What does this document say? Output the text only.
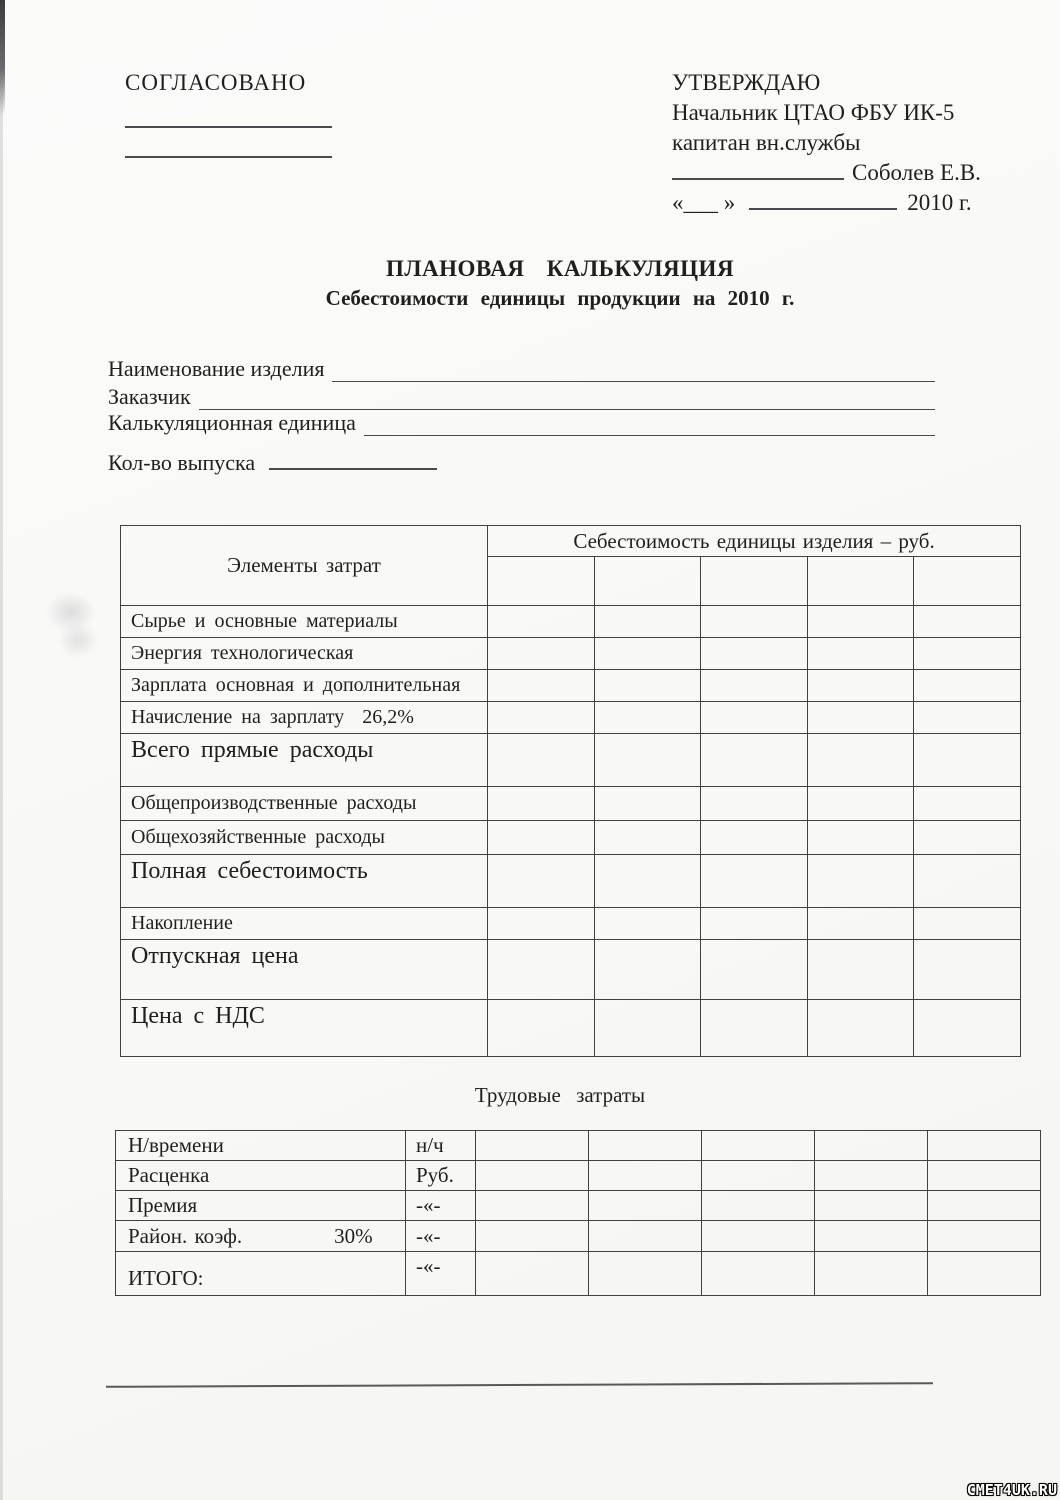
СОГЛАСОВАНО	УТВЕРЖДАЮ
Начальник ЦТАО ФБУ ИК-5
капитан вн.службы
Соболев Е.В.
«___ »	2010 г.
ПЛАНОВАЯ КАЛЬКУЛЯЦИЯ
Себестоимости единицы продукции на 2010 г.
Наименование изделия
Заказчик
Калькуляционная единица
Кол-во выпуска
Элементы затрат	Себестоимость единицы изделия – руб.				

Сырье и основные материалы					
Энергия технологическая					
Зарплата основная и дополнительная					
Начисление на зарплату 26,2%					
Всего прямые расходы					
Общепроизводственные расходы					
Общехозяйственные расходы					
Полная себестоимость					
Накопление					
Отпускная цена					
Цена с НДС					
Трудовые затраты
Н/времени	н/ч					
Расценка	Руб.					
Премия	-«-					
Район. коэф. 30%	-«-					
ИТОГО:	-«-					
CMET4UK.RU
